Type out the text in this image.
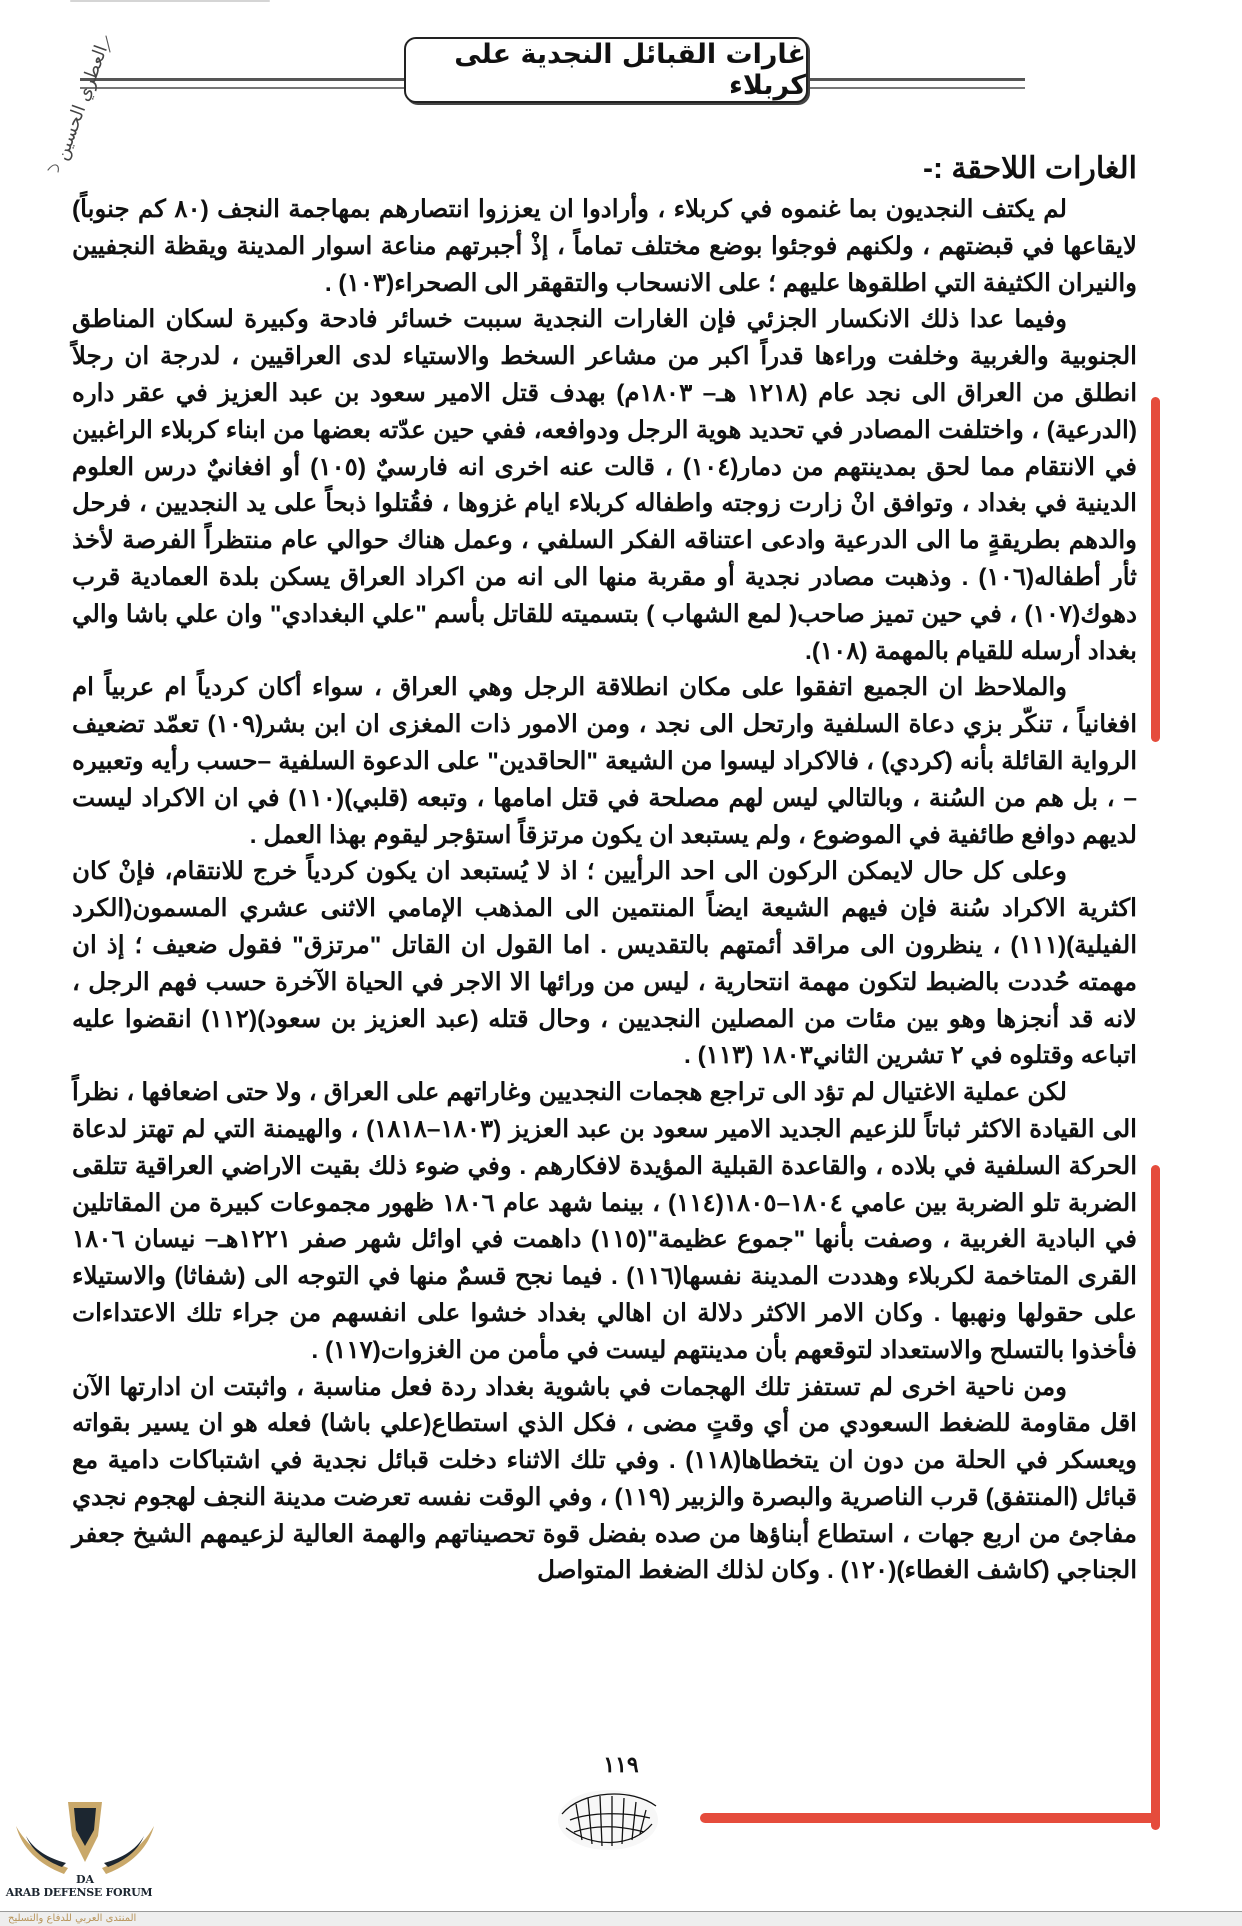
غارات القبائل النجدية على كربلاء
العطري الحسين
الغارات اللاحقة :-

لم يكتف النجديون بما غنموه في كربلاء ، وأرادوا ان يعززوا انتصارهم بمهاجمة النجف (٨٠ كم جنوباً) لايقاعها في قبضتهم ، ولكنهم فوجئوا بوضع مختلف تماماً ، إذْ أجبرتهم مناعة اسوار المدينة ويقظة النجفيين والنيران الكثيفة التي اطلقوها عليهم ؛ على الانسحاب والتقهقر الى الصحراء(١٠٣) .

وفيما عدا ذلك الانكسار الجزئي فإن الغارات النجدية سببت خسائر فادحة وكبيرة لسكان المناطق الجنوبية والغربية وخلفت وراءها قدراً اكبر من مشاعر السخط والاستياء لدى العراقيين ، لدرجة ان رجلاً انطلق من العراق الى نجد عام (١٢١٨ هـ– ١٨٠٣م) بهدف قتل الامير سعود بن عبد العزيز في عقر داره (الدرعية) ، واختلفت المصادر في تحديد هوية الرجل ودوافعه، ففي حين عدّته بعضها من ابناء كربلاء الراغبين في الانتقام مما لحق بمدينتهم من دمار(١٠٤) ، قالت عنه اخرى انه فارسيٌ (١٠٥) أو افغانيٌ درس العلوم الدينية في بغداد ، وتوافق انْ زارت زوجته واطفاله كربلاء ايام غزوها ، فقُتلوا ذبحاً على يد النجديين ، فرحل والدهم بطريقةٍ ما الى الدرعية وادعى اعتناقه الفكر السلفي ، وعمل هناك حوالي عام منتظراً الفرصة لأخذ ثأر أطفاله(١٠٦) . وذهبت مصادر نجدية أو مقربة منها الى انه من اكراد العراق يسكن بلدة العمادية قرب دهوك(١٠٧) ، في حين تميز صاحب( لمع الشهاب ) بتسميته للقاتل بأسم "علي البغدادي" وان علي باشا والي بغداد أرسله للقيام بالمهمة (١٠٨).

والملاحظ ان الجميع اتفقوا على مكان انطلاقة الرجل وهي العراق ، سواء أكان كردياً ام عربياً ام افغانياً ، تنكّر بزي دعاة السلفية وارتحل الى نجد ، ومن الامور ذات المغزى ان ابن بشر(١٠٩) تعمّد تضعيف الرواية القائلة بأنه (كردي) ، فالاكراد ليسوا من الشيعة "الحاقدين" على الدعوة السلفية –حسب رأيه وتعبيره – ، بل هم من السُنة ، وبالتالي ليس لهم مصلحة في قتل امامها ، وتبعه (قلبي)(١١٠) في ان الاكراد ليست لديهم دوافع طائفية في الموضوع ، ولم يستبعد ان يكون مرتزقاً استؤجر ليقوم بهذا العمل .

وعلى كل حال لايمكن الركون الى احد الرأيين ؛ اذ لا يُستبعد ان يكون كردياً خرج للانتقام، فإنْ كان اكثرية الاكراد سُنة فإن فيهم الشيعة ايضاً المنتمين الى المذهب الإمامي الاثنى عشري المسمون(الكرد الفيلية)(١١١) ، ينظرون الى مراقد أئمتهم بالتقديس . اما القول ان القاتل "مرتزق" فقول ضعيف ؛ إذ ان مهمته حُددت بالضبط لتكون مهمة انتحارية ، ليس من ورائها الا الاجر في الحياة الآخرة حسب فهم الرجل ، لانه قد أنجزها وهو بين مئات من المصلين النجديين ، وحال قتله (عبد العزيز بن سعود)(١١٢) انقضوا عليه اتباعه وقتلوه في ٢ تشرين الثاني١٨٠٣ (١١٣) .

لكن عملية الاغتيال لم تؤد الى تراجع هجمات النجديين وغاراتهم على العراق ، ولا حتى اضعافها ، نظراً الى القيادة الاكثر ثباتاً للزعيم الجديد الامير سعود بن عبد العزيز (١٨٠٣–١٨١٨) ، والهيمنة التي لم تهتز لدعاة الحركة السلفية في بلاده ، والقاعدة القبلية المؤيدة لافكارهم . وفي ضوء ذلك بقيت الاراضي العراقية تتلقى الضربة تلو الضربة بين عامي ١٨٠٤–١٨٠٥(١١٤) ، بينما شهد عام ١٨٠٦ ظهور مجموعات كبيرة من المقاتلين في البادية الغربية ، وصفت بأنها "جموع عظيمة"(١١٥) داهمت في اوائل شهر صفر ١٢٢١هـ– نيسان ١٨٠٦ القرى المتاخمة لكربلاء وهددت المدينة نفسها(١١٦) . فيما نجح قسمٌ منها في التوجه الى (شفاثا) والاستيلاء على حقولها ونهبها . وكان الامر الاكثر دلالة ان اهالي بغداد خشوا على انفسهم من جراء تلك الاعتداءات فأخذوا بالتسلح والاستعداد لتوقعهم بأن مدينتهم ليست في مأمن من الغزوات(١١٧) .

ومن ناحية اخرى لم تستفز تلك الهجمات في باشوية بغداد ردة فعل مناسبة ، واثبتت ان ادارتها الآن اقل مقاومة للضغط السعودي من أي وقتٍ مضى ، فكل الذي استطاع(علي باشا) فعله هو ان يسير بقواته ويعسكر في الحلة من دون ان يتخطاها(١١٨) . وفي تلك الاثناء دخلت قبائل نجدية في اشتباكات دامية مع قبائل (المنتفق) قرب الناصرية والبصرة والزبير (١١٩) ، وفي الوقت نفسه تعرضت مدينة النجف لهجوم نجدي مفاجئ من اربع جهات ، استطاع أبناؤها من صده بفضل قوة تحصيناتهم والهمة العالية لزعيمهم الشيخ جعفر الجناجي (كاشف الغطاء)(١٢٠) . وكان لذلك الضغط المتواصل

١١٩
DA
ARAB DEFENSE FORUM
المنتدى العربي للدفاع والتسليح
